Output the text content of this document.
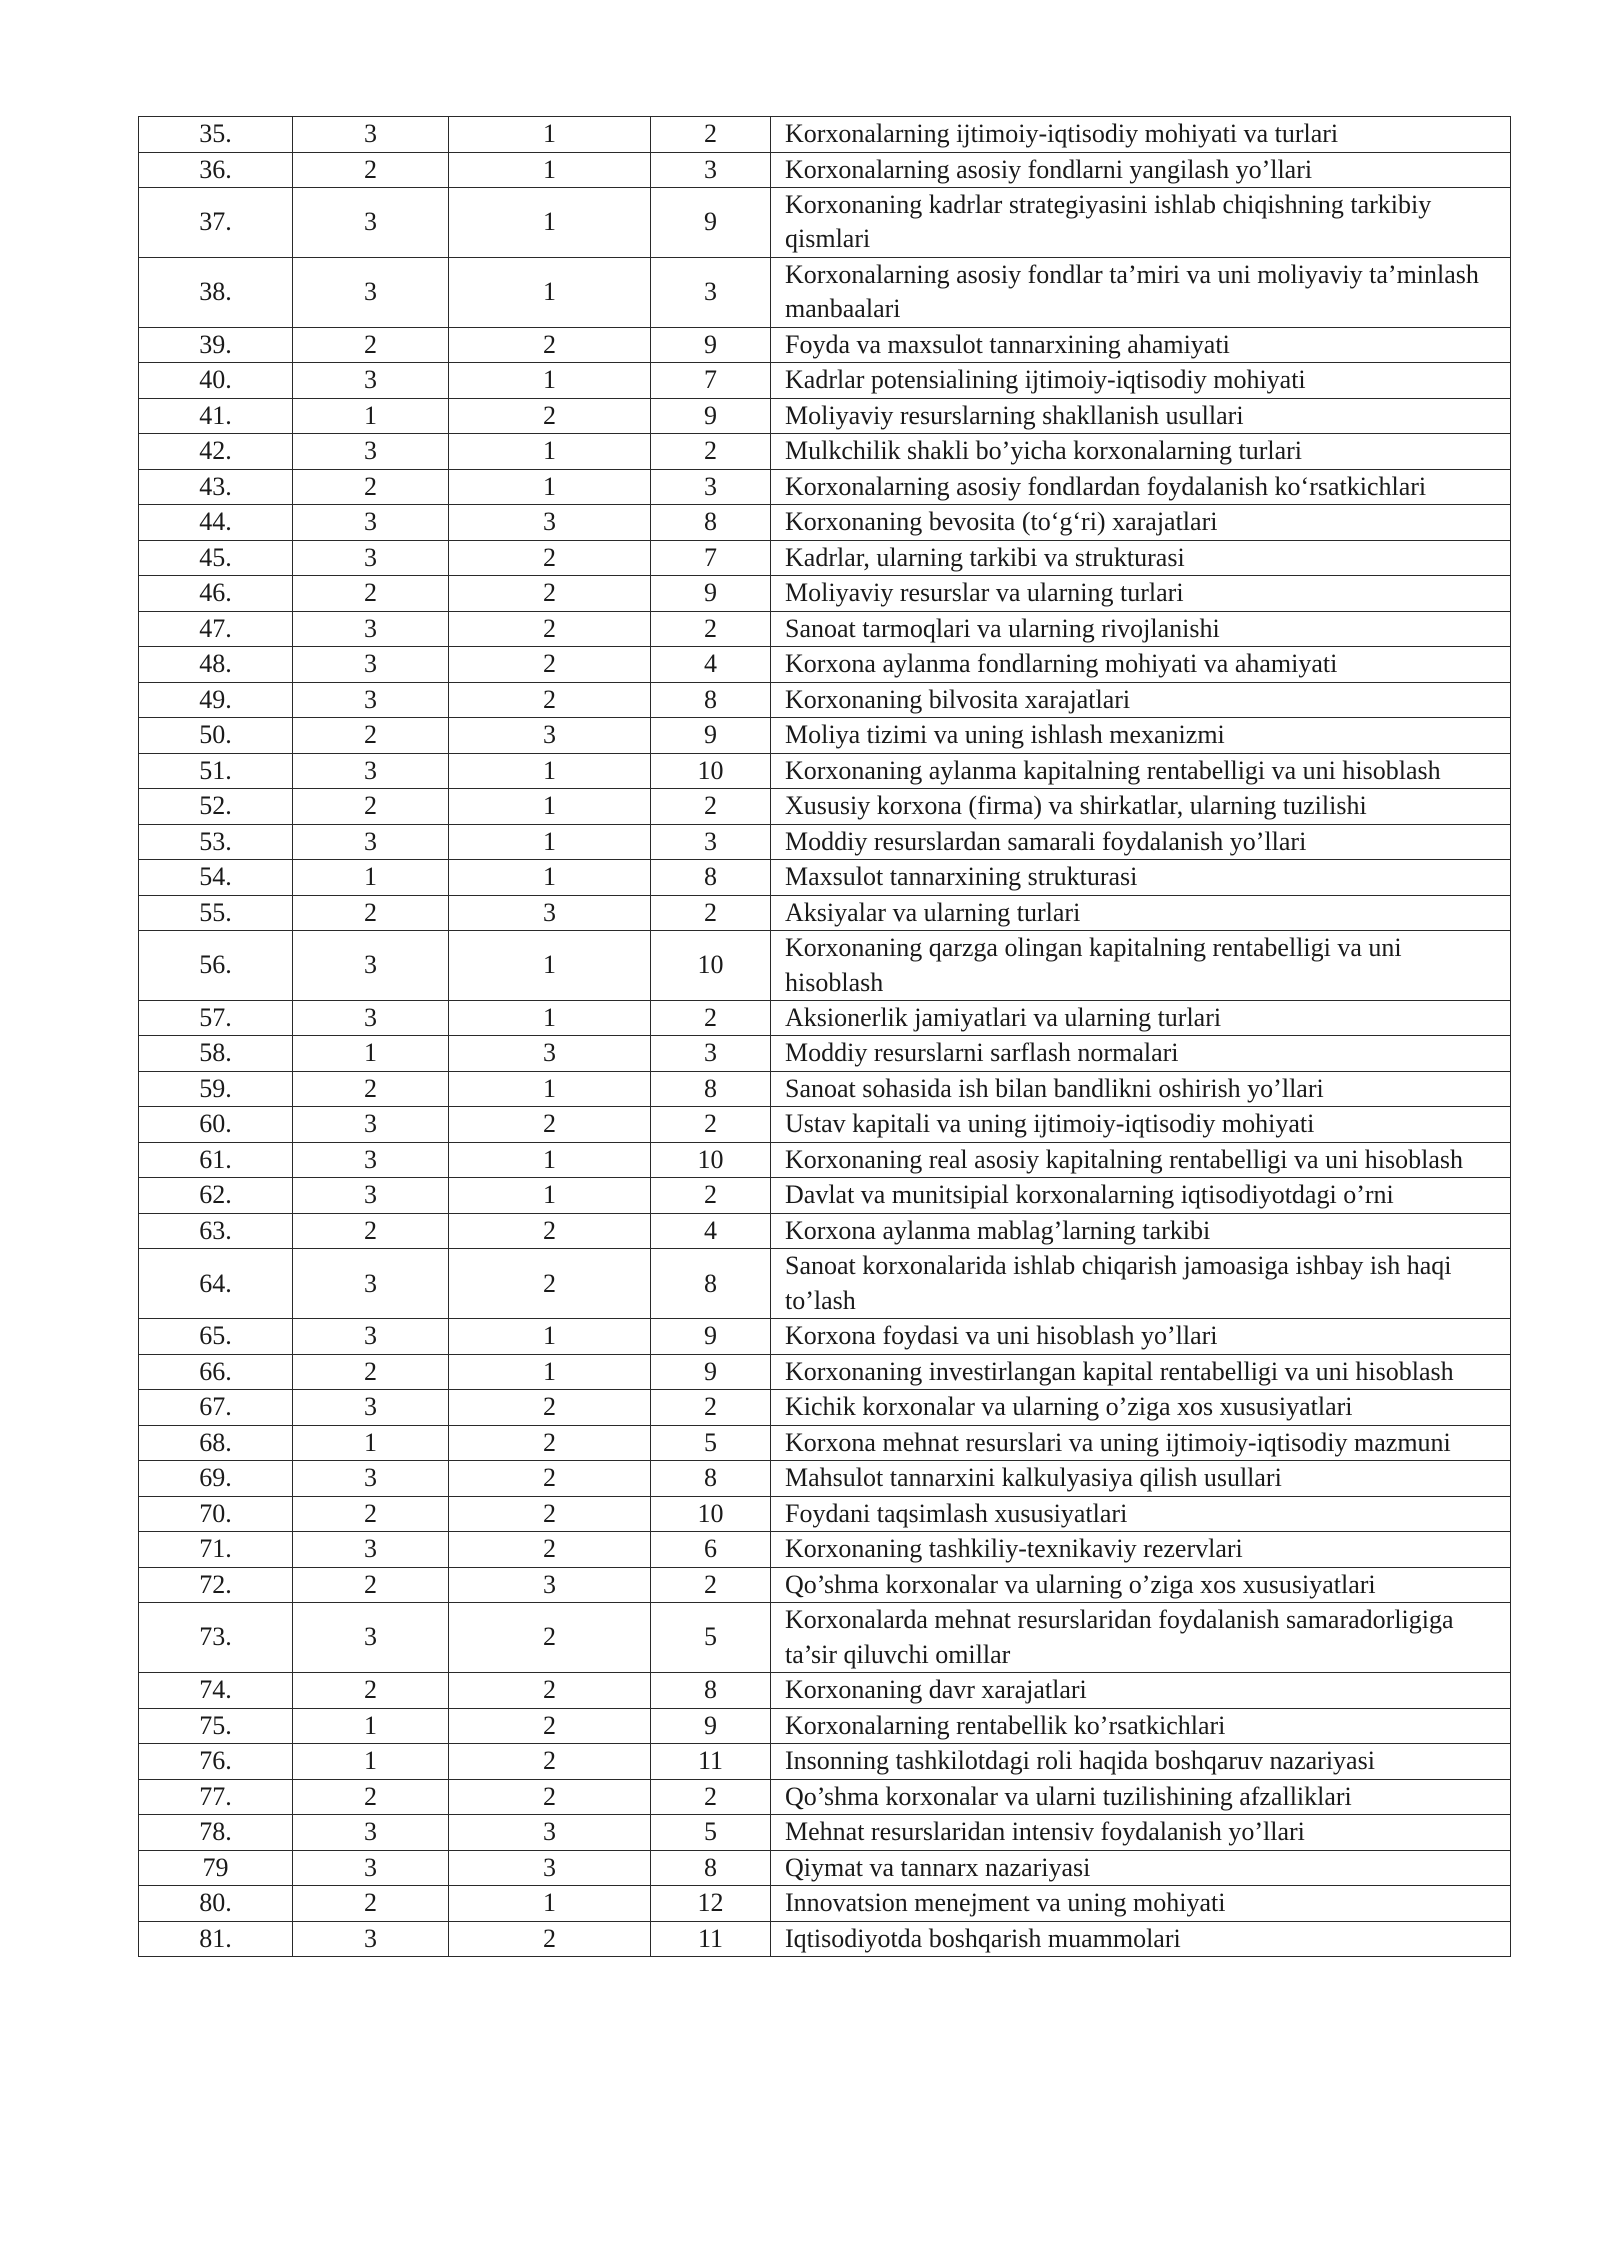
35.	3	1	2	Korxonalarning ijtimoiy-iqtisodiy mohiyati va turlari
36.	2	1	3	Korxonalarning asosiy fondlarni yangilash yo’llari
37.	3	1	9	Korxonaning kadrlar strategiyasini ishlab chiqishning tarkibiy qismlari
38.	3	1	3	Korxonalarning asosiy fondlar ta’miri va uni moliyaviy ta’minlash manbaalari
39.	2	2	9	Foyda va maxsulot tannarxining ahamiyati
40.	3	1	7	Kadrlar potensialining ijtimoiy-iqtisodiy mohiyati
41.	1	2	9	Moliyaviy resurslarning shakllanish usullari
42.	3	1	2	Mulkchilik shakli bo’yicha korxonalarning turlari
43.	2	1	3	Korxonalarning asosiy fondlardan foydalanish ko‘rsatkichlari
44.	3	3	8	Korxonaning bevosita (to‘g‘ri) xarajatlari
45.	3	2	7	Kadrlar, ularning tarkibi va strukturasi
46.	2	2	9	Moliyaviy resurslar va ularning turlari
47.	3	2	2	Sanoat tarmoqlari va ularning rivojlanishi
48.	3	2	4	Korxona aylanma fondlarning mohiyati va ahamiyati
49.	3	2	8	Korxonaning bilvosita xarajatlari
50.	2	3	9	Moliya tizimi va uning ishlash mexanizmi
51.	3	1	10	Korxonaning aylanma kapitalning rentabelligi va uni hisoblash
52.	2	1	2	Xususiy korxona (firma) va shirkatlar, ularning tuzilishi
53.	3	1	3	Moddiy resurslardan samarali foydalanish yo’llari
54.	1	1	8	Maxsulot tannarxining strukturasi
55.	2	3	2	Aksiyalar va ularning turlari
56.	3	1	10	Korxonaning qarzga olingan kapitalning rentabelligi va uni hisoblash
57.	3	1	2	Aksionerlik jamiyatlari va ularning turlari
58.	1	3	3	Moddiy resurslarni sarflash normalari
59.	2	1	8	Sanoat sohasida ish bilan bandlikni oshirish yo’llari
60.	3	2	2	Ustav kapitali va uning ijtimoiy-iqtisodiy mohiyati
61.	3	1	10	Korxonaning real asosiy kapitalning rentabelligi va uni hisoblash
62.	3	1	2	Davlat va munitsipial korxonalarning iqtisodiyotdagi o’rni
63.	2	2	4	Korxona aylanma mablag’larning tarkibi
64.	3	2	8	Sanoat korxonalarida ishlab chiqarish jamoasiga ishbay ish haqi to’lash
65.	3	1	9	Korxona foydasi va uni hisoblash yo’llari
66.	2	1	9	Korxonaning investirlangan kapital rentabelligi va uni hisoblash
67.	3	2	2	Kichik korxonalar va ularning o’ziga xos xususiyatlari
68.	1	2	5	Korxona mehnat resurslari va uning ijtimoiy-iqtisodiy mazmuni
69.	3	2	8	Mahsulot tannarxini kalkulyasiya qilish usullari
70.	2	2	10	Foydani taqsimlash xususiyatlari
71.	3	2	6	Korxonaning tashkiliy-texnikaviy rezervlari
72.	2	3	2	Qo’shma korxonalar va ularning o’ziga xos xususiyatlari
73.	3	2	5	Korxonalarda mehnat resurslaridan foydalanish samaradorligiga ta’sir qiluvchi omillar
74.	2	2	8	Korxonaning davr xarajatlari
75.	1	2	9	Korxonalarning rentabellik ko’rsatkichlari
76.	1	2	11	Insonning tashkilotdagi roli haqida boshqaruv nazariyasi
77.	2	2	2	Qo’shma korxonalar va ularni tuzilishining afzalliklari
78.	3	3	5	Mehnat resurslaridan intensiv foydalanish yo’llari
79	3	3	8	Qiymat va tannarx nazariyasi
80.	2	1	12	Innovatsion menejment va uning mohiyati
81.	3	2	11	Iqtisodiyotda boshqarish muammolari
